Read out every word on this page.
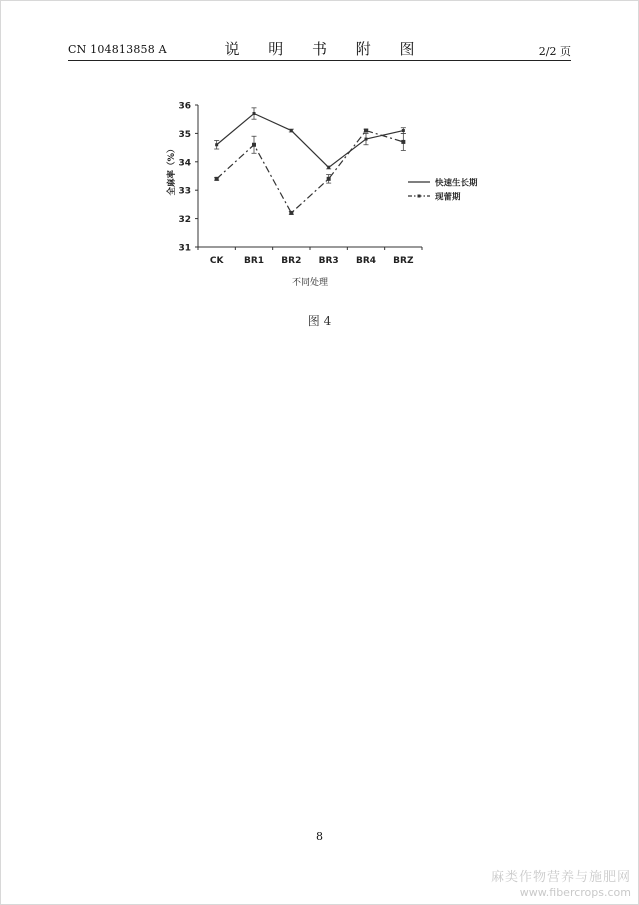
CN 104813858 A	说 明 书 附 图	2/2 页
31
32
33
34
35
36
CK BR1 BR2 BR3 BR4 BRZ
不同处理
全麻率（%）	快速生长期
现蕾期
图 4
8
麻类作物营养与施肥网
www.fibercrops.com
